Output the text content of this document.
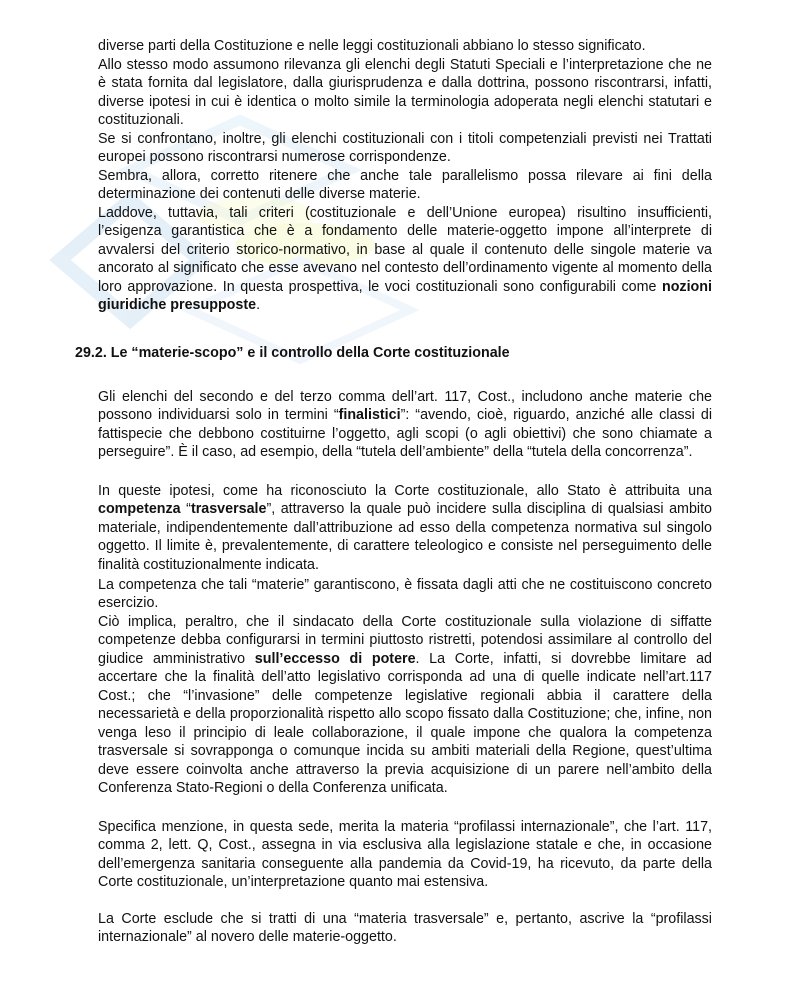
diverse parti della Costituzione e nelle leggi costituzionali abbiano lo stesso significato.

Allo stesso modo assumono rilevanza gli elenchi degli Statuti Speciali e l’interpretazione che ne è stata fornita dal legislatore, dalla giurisprudenza e dalla dottrina, possono riscontrarsi, infatti, diverse ipotesi in cui è identica o molto simile la terminologia adoperata negli elenchi statutari e costituzionali.

Se si confrontano, inoltre, gli elenchi costituzionali con i titoli competenziali previsti nei Trattati europei possono riscontrarsi numerose corrispondenze.

Sembra, allora, corretto ritenere che anche tale parallelismo possa rilevare ai fini della determinazione dei contenuti delle diverse materie.

Laddove, tuttavia, tali criteri (costituzionale e dell’Unione europea) risultino insufficienti, l’esigenza garantistica che è a fondamento delle materie-oggetto impone all’interprete di avvalersi del criterio storico-normativo, in base al quale il contenuto delle singole materie va ancorato al significato che esse avevano nel contesto dell’ordinamento vigente al momento della loro approvazione. In questa prospettiva, le voci costituzionali sono configurabili come nozioni giuridiche presupposte.

29.2. Le “materie-scopo” e il controllo della Corte costituzionale

Gli elenchi del secondo e del terzo comma dell’art. 117, Cost., includono anche materie che possono individuarsi solo in termini “finalistici”: “avendo, cioè, riguardo, anziché alle classi di fattispecie che debbono costituirne l’oggetto, agli scopi (o agli obiettivi) che sono chiamate a perseguire”. È il caso, ad esempio, della “tutela dell’ambiente” della “tutela della concorrenza”.

In queste ipotesi, come ha riconosciuto la Corte costituzionale, allo Stato è attribuita una competenza “trasversale”, attraverso la quale può incidere sulla disciplina di qualsiasi ambito materiale, indipendentemente dall’attribuzione ad esso della competenza normativa sul singolo oggetto. Il limite è, prevalentemente, di carattere teleologico e consiste nel perseguimento delle finalità costituzionalmente indicata.

La competenza che tali “materie” garantiscono, è fissata dagli atti che ne costituiscono concreto esercizio.

Ciò implica, peraltro, che il sindacato della Corte costituzionale sulla violazione di siffatte competenze debba configurarsi in termini piuttosto ristretti, potendosi assimilare al controllo del giudice amministrativo sull’eccesso di potere. La Corte, infatti, si dovrebbe limitare ad accertare che la finalità dell’atto legislativo corrisponda ad una di quelle indicate nell’art.117 Cost.; che “l’invasione” delle competenze legislative regionali abbia il carattere della necessarietà e della proporzionalità rispetto allo scopo fissato dalla Costituzione; che, infine, non venga leso il principio di leale collaborazione, il quale impone che qualora la competenza trasversale si sovrapponga o comunque incida su ambiti materiali della Regione, quest’ultima deve essere coinvolta anche attraverso la previa acquisizione di un parere nell’ambito della Conferenza Stato-Regioni o della Conferenza unificata.

Specifica menzione, in questa sede, merita la materia “profilassi internazionale”, che l’art. 117, comma 2, lett. Q, Cost., assegna in via esclusiva alla legislazione statale e che, in occasione dell’emergenza sanitaria conseguente alla pandemia da Covid-19, ha ricevuto, da parte della Corte costituzionale, un’interpretazione quanto mai estensiva.

La Corte esclude che si tratti di una “materia trasversale” e, pertanto, ascrive la “profilassi internazionale” al novero delle materie-oggetto.
